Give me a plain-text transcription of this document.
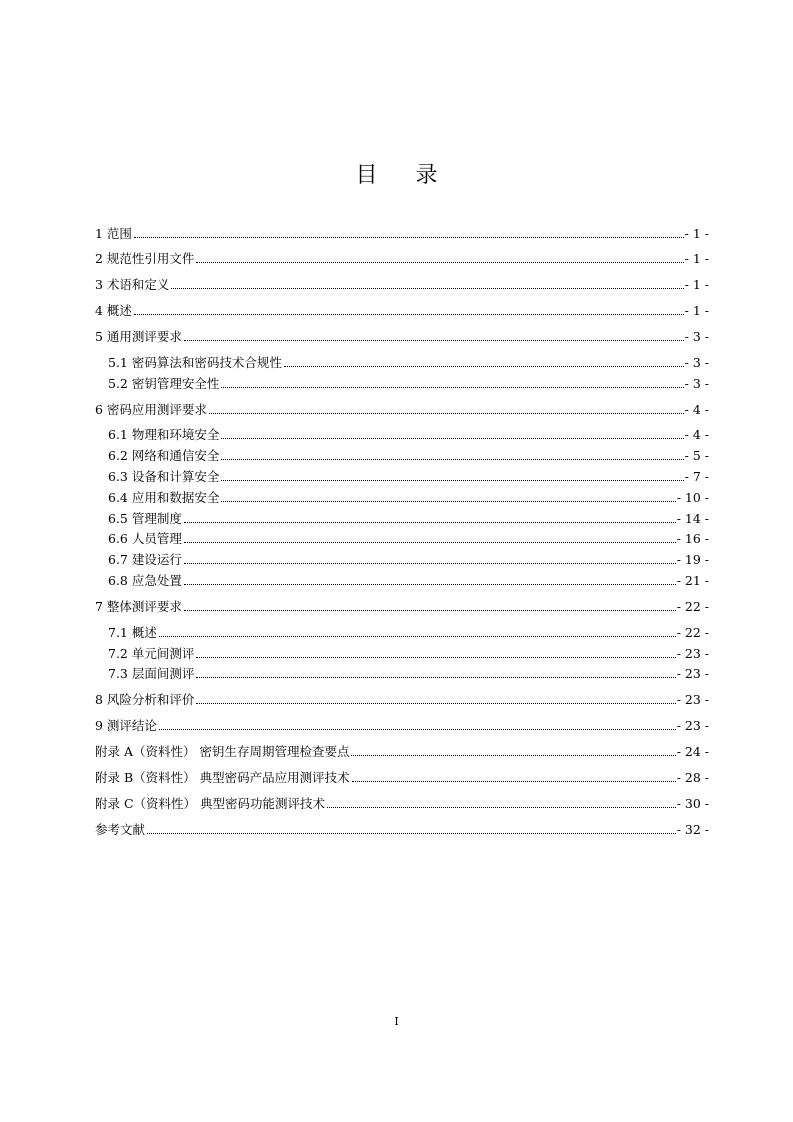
目 录
1 范围	- 1 -
2 规范性引用文件	- 1 -
3 术语和定义	- 1 -
4 概述	- 1 -
5 通用测评要求	- 3 -
5.1 密码算法和密码技术合规性	- 3 -
5.2 密钥管理安全性	- 3 -
6 密码应用测评要求	- 4 -
6.1 物理和环境安全	- 4 -
6.2 网络和通信安全	- 5 -
6.3 设备和计算安全	- 7 -
6.4 应用和数据安全	- 10 -
6.5 管理制度	- 14 -
6.6 人员管理	- 16 -
6.7 建设运行	- 19 -
6.8 应急处置	- 21 -
7 整体测评要求	- 22 -
7.1 概述	- 22 -
7.2 单元间测评	- 23 -
7.3 层面间测评	- 23 -
8 风险分析和评价	- 23 -
9 测评结论	- 23 -
附录 A（资料性） 密钥生存周期管理检查要点	- 24 -
附录 B（资料性） 典型密码产品应用测评技术	- 28 -
附录 C（资料性） 典型密码功能测评技术	- 30 -
参考文献	- 32 -
I
